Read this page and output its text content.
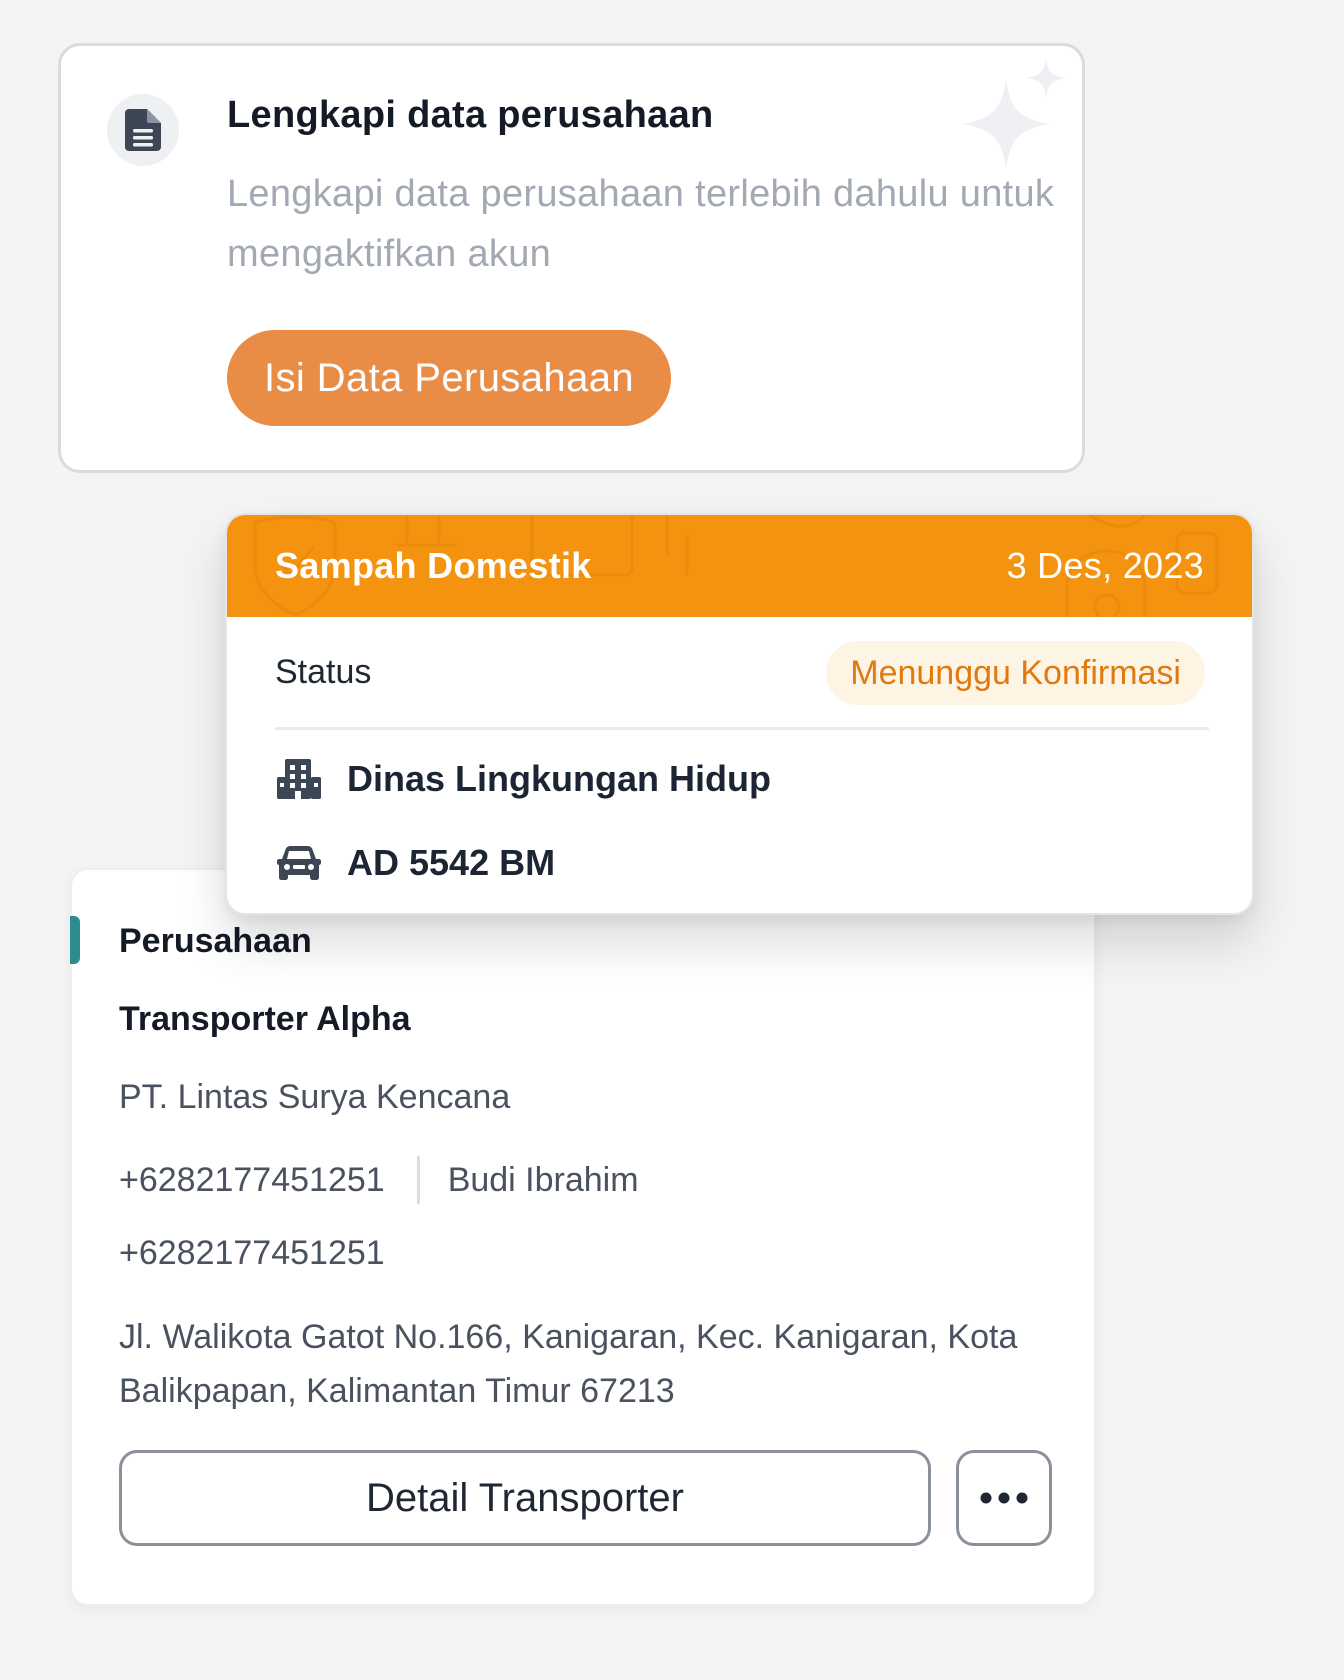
Lengkapi data perusahaan
Lengkapi data perusahaan terlebih dahulu untuk mengaktifkan akun
Isi Data Perusahaan
Perusahaan
Transporter Alpha
PT. Lintas Surya Kencana
+6282177451251 Budi Ibrahim
+6282177451251
Jl. Walikota Gatot No.166, Kanigaran, Kec. Kanigaran, Kota Balikpapan, Kalimantan Timur 67213
Detail Transporter
Sampah Domestik	3 Des, 2023
Status	Menunggu Konfirmasi
Dinas Lingkungan Hidup
AD 5542 BM
